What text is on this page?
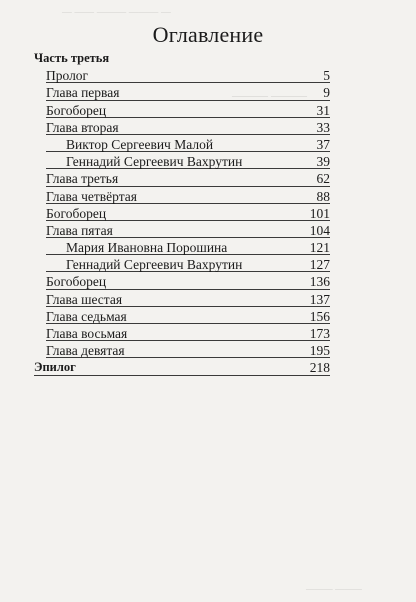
— —— ——— ——— —
——— ———
——— ———
Оглавление
Часть третья
Пролог	5
Глава первая	9
Богоборец	31
Глава вторая	33
Виктор Сергеевич Малой	37
Геннадий Сергеевич Вахрутин	39
Глава третья	62
Глава четвёртая	88
Богоборец	101
Глава пятая	104
Мария Ивановна Порошина	121
Геннадий Сергеевич Вахрутин	127
Богоборец	136
Глава шестая	137
Глава седьмая	156
Глава восьмая	173
Глава девятая	195
Эпилог	218
